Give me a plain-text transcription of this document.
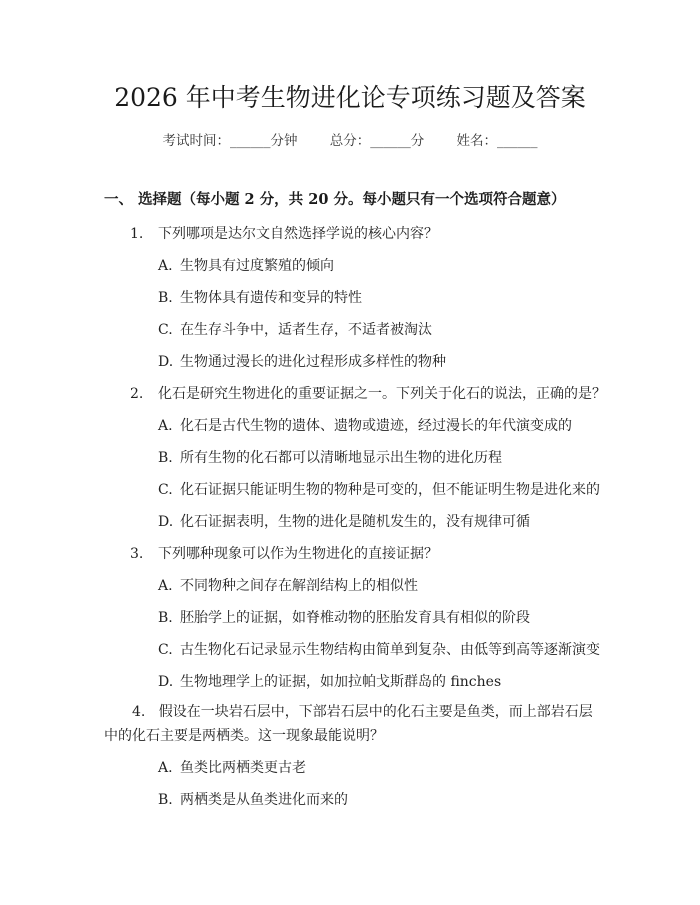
2026 年中考生物进化论专项练习题及答案
考试时间：______分钟 总分：______分 姓名：______
一、 选择题（每小题 2 分，共 20 分。每小题只有一个选项符合题意）
1. 下列哪项是达尔文自然选择学说的核心内容？
A. 生物具有过度繁殖的倾向
B. 生物体具有遗传和变异的特性
C. 在生存斗争中，适者生存，不适者被淘汰
D. 生物通过漫长的进化过程形成多样性的物种
2. 化石是研究生物进化的重要证据之一。下列关于化石的说法，正确的是？
A. 化石是古代生物的遗体、遗物或遗迹，经过漫长的年代演变成的
B. 所有生物的化石都可以清晰地显示出生物的进化历程
C. 化石证据只能证明生物的物种是可变的，但不能证明生物是进化来的
D. 化石证据表明，生物的进化是随机发生的，没有规律可循
3. 下列哪种现象可以作为生物进化的直接证据？
A. 不同物种之间存在解剖结构上的相似性
B. 胚胎学上的证据，如脊椎动物的胚胎发育具有相似的阶段
C. 古生物化石记录显示生物结构由简单到复杂、由低等到高等逐渐演变
D. 生物地理学上的证据，如加拉帕戈斯群岛的 finches
4. 假设在一块岩石层中，下部岩石层中的化石主要是鱼类，而上部岩石层中的化石主要是两栖类。这一现象最能说明？
A. 鱼类比两栖类更古老
B. 两栖类是从鱼类进化而来的
